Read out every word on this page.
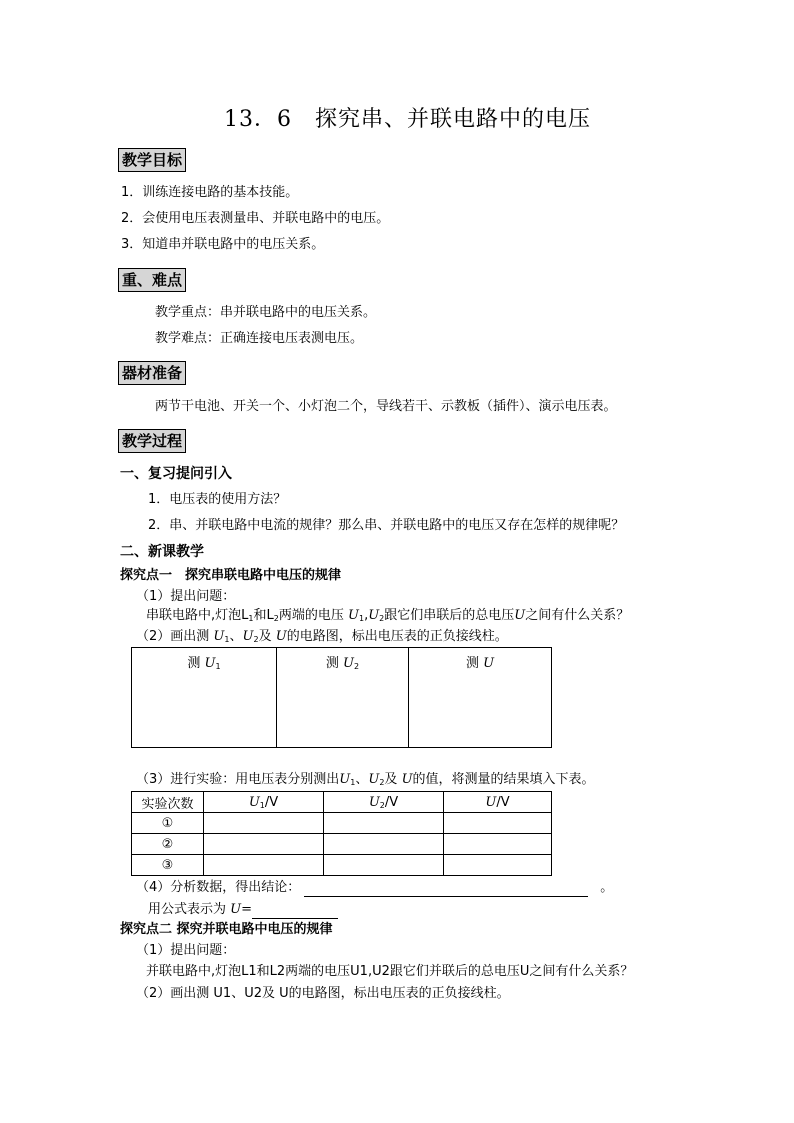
13．6　探究串、并联电路中的电压
教学目标
1．训练连接电路的基本技能。
2．会使用电压表测量串、并联电路中的电压。
3．知道串并联电路中的电压关系。
重、难点
教学重点：串并联电路中的电压关系。
教学难点：正确连接电压表测电压。
器材准备
两节干电池、开关一个、小灯泡二个，导线若干、示教板（插件）、演示电压表。
教学过程
一、复习提问引入
1．电压表的使用方法？
2．串、并联电路中电流的规律？那么串、并联电路中的电压又存在怎样的规律呢？
二、新课教学
探究点一　探究串联电路中电压的规律
（1）提出问题：
串联电路中,灯泡$L_1$和$L_2$两端的电压 $U_1,U_2$跟它们串联后的总电压U之间有什么关系？
（2）画出测 $U_1$、$U_2$及 U的电路图，标出电压表的正负接线柱。
测 $U_1$	测 $U_2$	测 U
（3）进行实验：用电压表分别测出$U_1$、$U_2$及 U的值，将测量的结果填入下表。
实验次数	$U_1/V$	$U_2/V$	U/V
①			
②			
③			
（4）分析数据，得出结论：	。
用公式表示为 U=
探究点二 探究并联电路中电压的规律
（1）提出问题：
并联电路中,灯泡L1和L2两端的电压U1,U2跟它们并联后的总电压U之间有什么关系？
（2）画出测 U1、U2及 U的电路图，标出电压表的正负接线柱。
